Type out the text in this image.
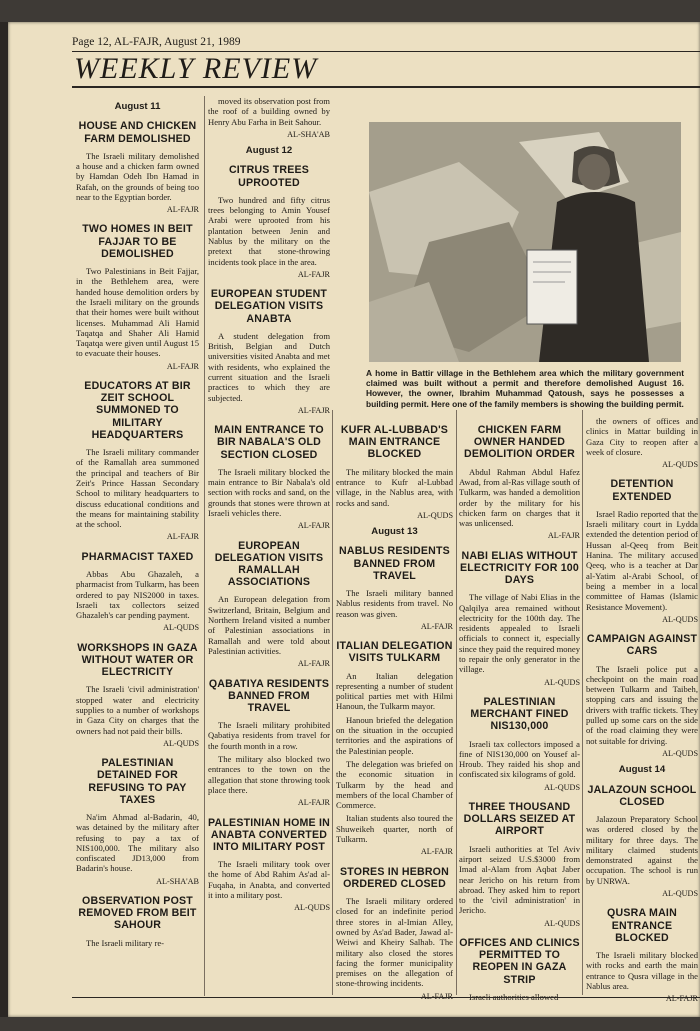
Page 12, AL-FAJR, August 21, 1989
WEEKLY REVIEW
August 11
HOUSE AND CHICKEN FARM DEMOLISHED

The Israeli military demolished a house and a chicken farm owned by Hamdan Odeh Ibn Hamad in Rafah, on the grounds of being too near to the Egyptian border.

AL-FAJR
TWO HOMES IN BEIT FAJJAR TO BE DEMOLISHED

Two Palestinians in Beit Fajjar, in the Bethlehem area, were handed house demolition orders by the Israeli military on the grounds that their homes were built without licenses. Muhammad Ali Hamid Taqatqa and Shaher Ali Hamid Taqatqa were given until August 15 to evacuate their houses.

AL-FAJR
EDUCATORS AT BIR ZEIT SCHOOL SUMMONED TO MILITARY HEADQUARTERS

The Israeli military commander of the Ramallah area summoned the principal and teachers of Bir Zeit's Prince Hassan Secondary School to military headquarters to discuss educational conditions and the means for maintaining stability at the school.

AL-FAJR
PHARMACIST TAXED

Abbas Abu Ghazaleh, a pharmacist from Tulkarm, has been ordered to pay NIS2000 in taxes. Israeli tax collectors seized Ghazaleh's car pending payment.

AL-QUDS
WORKSHOPS IN GAZA WITHOUT WATER OR ELECTRICITY

The Israeli 'civil administration' stopped water and electricity supplies to a number of workshops in Gaza City on charges that the owners had not paid their bills.

AL-QUDS
PALESTINIAN DETAINED FOR REFUSING TO PAY TAXES

Na'im Ahmad al-Badarin, 40, was detained by the military after refusing to pay a tax of NIS100,000. The military also confiscated JD13,000 from Badarin's house.

AL-SHA'AB
OBSERVATION POST REMOVED FROM BEIT SAHOUR

The Israeli military re-

moved its observation post from the roof of a building owned by Henry Abu Farha in Beit Sahour.

AL-SHA'AB
August 12
CITRUS TREES UPROOTED

Two hundred and fifty citrus trees belonging to Amin Yousef Arabi were uprooted from his plantation between Jenin and Nablus by the military on the pretext that stone-throwing incidents took place in the area.

AL-FAJR
EUROPEAN STUDENT DELEGATION VISITS ANABTA

A student delegation from British, Belgian and Dutch universities visited Anabta and met with residents, who explained the current situation and the Israeli practices to which they are subjected.

AL-FAJR
MAIN ENTRANCE TO BIR NABALA'S OLD SECTION CLOSED

The Israeli military blocked the main entrance to Bir Nabala's old section with rocks and sand, on the grounds that stones were thrown at Israeli vehicles there.

AL-FAJR
EUROPEAN DELEGATION VISITS RAMALLAH ASSOCIATIONS

An European delegation from Switzerland, Britain, Belgium and Northern Ireland visited a number of Palestinian associations in Ramallah and were told about Palestinian activities.

AL-FAJR
QABATIYA RESIDENTS BANNED FROM TRAVEL

The Israeli military prohibited Qabatiya residents from travel for the fourth month in a row.

The military also blocked two entrances to the town on the allegation that stone throwing took place there.

AL-FAJR
PALESTINIAN HOME IN ANABTA CONVERTED INTO MILITARY POST

The Israeli military took over the home of Abd Rahim As'ad al-Fuqaha, in Anabta, and converted it into a military post.

AL-QUDS
A home in Battir village in the Bethlehem area which the military government claimed was built without a permit and therefore demolished August 16. However, the owner, Ibrahim Muhammad Qatoush, says he possesses a building permit. Here one of the family members is showing the building permit.
KUFR AL-LUBBAD'S MAIN ENTRANCE BLOCKED

The military blocked the main entrance to Kufr al-Lubbad village, in the Nablus area, with rocks and sand.

AL-QUDS
August 13
NABLUS RESIDENTS BANNED FROM TRAVEL

The Israeli military banned Nablus residents from travel. No reason was given.

AL-FAJR
ITALIAN DELEGATION VISITS TULKARM

An Italian delegation representing a number of student political parties met with Hilmi Hanoun, the Tulkarm mayor.

Hanoun briefed the delegation on the situation in the occupied territories and the aspirations of the Palestinian people.

The delegation was briefed on the economic situation in Tulkarm by the head and members of the local Chamber of Commerce.

Italian students also toured the Shuweikeh quarter, north of Tulkarm.

AL-FAJR
STORES IN HEBRON ORDERED CLOSED

The Israeli military ordered closed for an indefinite period three stores in al-Imian Alley, owned by As'ad Bader, Jawad al-Weiwi and Kheiry Salhab. The military also closed the stores facing the former municipality premises on the allegation of stone-throwing incidents.

AL-FAJR
CHICKEN FARM OWNER HANDED DEMOLITION ORDER

Abdul Rahman Abdul Hafez Awad, from al-Ras village south of Tulkarm, was handed a demolition order by the military for his chicken farm on charges that it was unlicensed.

AL-FAJR
NABI ELIAS WITHOUT ELECTRICITY FOR 100 DAYS

The village of Nabi Elias in the Qalqilya area remained without electricity for the 100th day. The residents appealed to Israeli officials to connect it, especially since they paid the required money to repair the only generator in the village.

AL-QUDS
PALESTINIAN MERCHANT FINED NIS130,000

Israeli tax collectors imposed a fine of NIS130,000 on Yousef al-Hroub. They raided his shop and confiscated six kilograms of gold.

AL-QUDS
THREE THOUSAND DOLLARS SEIZED AT AIRPORT

Israeli authorities at Tel Aviv airport seized U.S.$3000 from Imad al-Alam from Aqbat Jaber near Jericho on his return from abroad. They asked him to report to the 'civil administration' in Jericho.

AL-QUDS
OFFICES AND CLINICS PERMITTED TO REOPEN IN GAZA STRIP

Israeli authorities allowed

the owners of offices and clinics in Mattar building in Gaza City to reopen after a week of closure.

AL-QUDS
DETENTION EXTENDED

Israel Radio reported that the Israeli military court in Lydda extended the detention period of Hussan al-Qeeq from Beit Hanina. The military accused Qeeq, who is a teacher at Dar al-Yatim al-Arabi School, of being a member in a local committee of Hamas (Islamic Resistance Movement).

AL-QUDS
CAMPAIGN AGAINST CARS

The Israeli police put a checkpoint on the main road between Tulkarm and Taibeh, stopping cars and issuing the drivers with traffic tickets. They pulled up some cars on the side of the road claiming they were not suitable for driving.

AL-QUDS
August 14
JALAZOUN SCHOOL CLOSED

Jalazoun Preparatory School was ordered closed by the military for three days. The military claimed students demonstrated against the occupation. The school is run by UNRWA.

AL-QUDS
QUSRA MAIN ENTRANCE BLOCKED

The Israeli military blocked with rocks and earth the main entrance to Qusra village in the Nablus area.

AL-FAJR
